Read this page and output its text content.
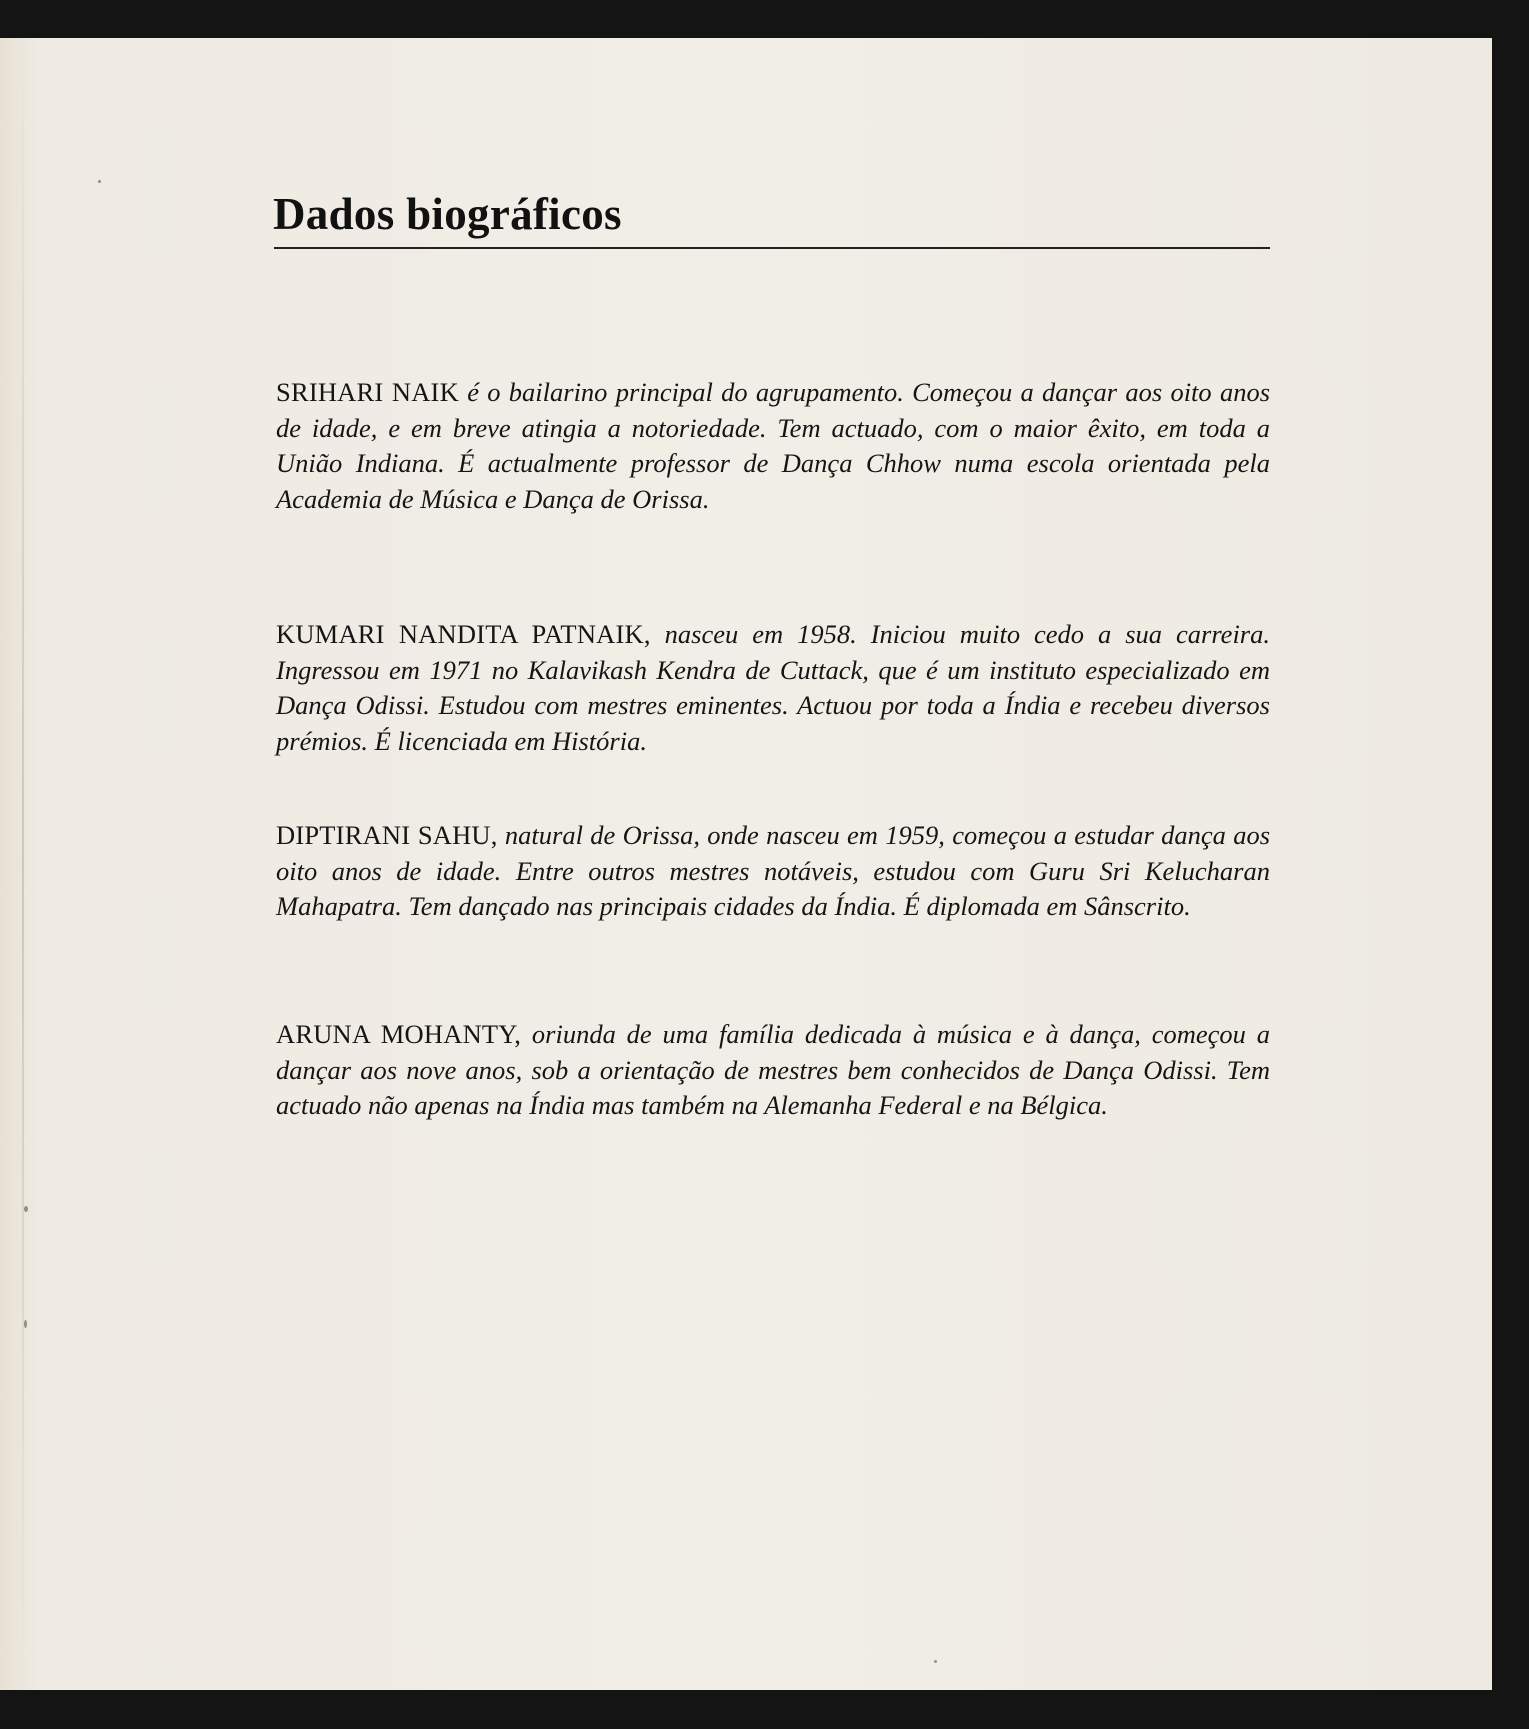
Dados biográficos

SRIHARI NAIK é o bailarino principal do agrupamento. Começou a dançar aos oito anos de idade, e em breve atingia a notoriedade. Tem actuado, com o maior êxito, em toda a União Indiana. É actualmente professor de Dança Chhow numa escola orientada pela Academia de Música e Dança de Orissa.

KUMARI NANDITA PATNAIK, nasceu em 1958. Iniciou muito cedo a sua carreira. Ingressou em 1971 no Kalavikash Kendra de Cuttack, que é um instituto especializado em Dança Odissi. Estudou com mestres eminentes. Actuou por toda a Índia e recebeu diversos prémios. É licenciada em História.

DIPTIRANI SAHU, natural de Orissa, onde nasceu em 1959, começou a estudar dança aos oito anos de idade. Entre outros mestres notáveis, estudou com Guru Sri Kelucharan Mahapatra. Tem dançado nas principais cidades da Índia. É diplomada em Sânscrito.

ARUNA MOHANTY, oriunda de uma família dedicada à música e à dança, começou a dançar aos nove anos, sob a orientação de mestres bem conhecidos de Dança Odissi. Tem actuado não apenas na Índia mas também na Alemanha Federal e na Bélgica.
